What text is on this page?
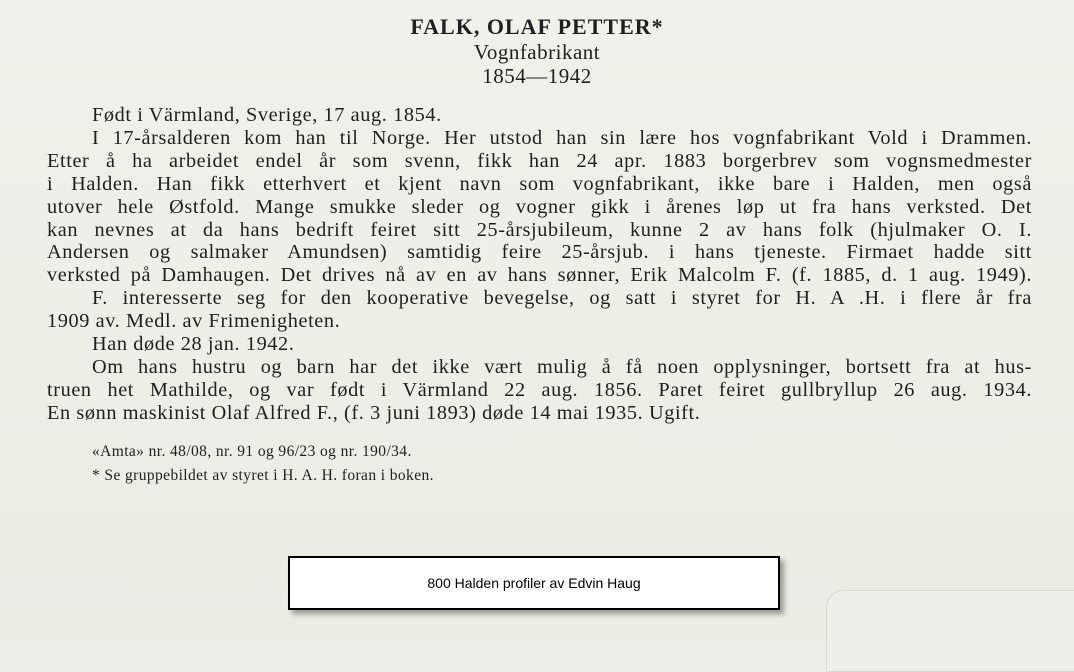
FALK, OLAF PETTER*
Vognfabrikant
1854—1942

Født i Värmland, Sverige, 17 aug. 1854.

I 17-årsalderen kom han til Norge. Her utstod han sin lære hos vognfabrikant Vold i Drammen.
Etter å ha arbeidet endel år som svenn, fikk han 24 apr. 1883 borgerbrev som vognsmedmester
i Halden. Han fikk etterhvert et kjent navn som vognfabrikant, ikke bare i Halden, men også
utover hele Østfold. Mange smukke sleder og vogner gikk i årenes løp ut fra hans verksted. Det
kan nevnes at da hans bedrift feiret sitt 25-årsjubileum, kunne 2 av hans folk (hjulmaker O. I.
Andersen og salmaker Amundsen) samtidig feire 25-årsjub. i hans tjeneste. Firmaet hadde sitt
verksted på Damhaugen. Det drives nå av en av hans sønner, Erik Malcolm F. (f. 1885, d. 1 aug. 1949).

F. interesserte seg for den kooperative bevegelse, og satt i styret for H. A .H. i flere år fra
1909 av. Medl. av Frimenigheten.

Han døde 28 jan. 1942.

Om hans hustru og barn har det ikke vært mulig å få noen opplysninger, bortsett fra at hus-
truen het Mathilde, og var født i Värmland 22 aug. 1856. Paret feiret gullbryllup 26 aug. 1934.
En sønn maskinist Olaf Alfred F., (f. 3 juni 1893) døde 14 mai 1935. Ugift.

«Amta» nr. 48/08, nr. 91 og 96/23 og nr. 190/34.
* Se gruppebildet av styret i H. A. H. foran i boken.
800 Halden profiler av Edvin Haug
